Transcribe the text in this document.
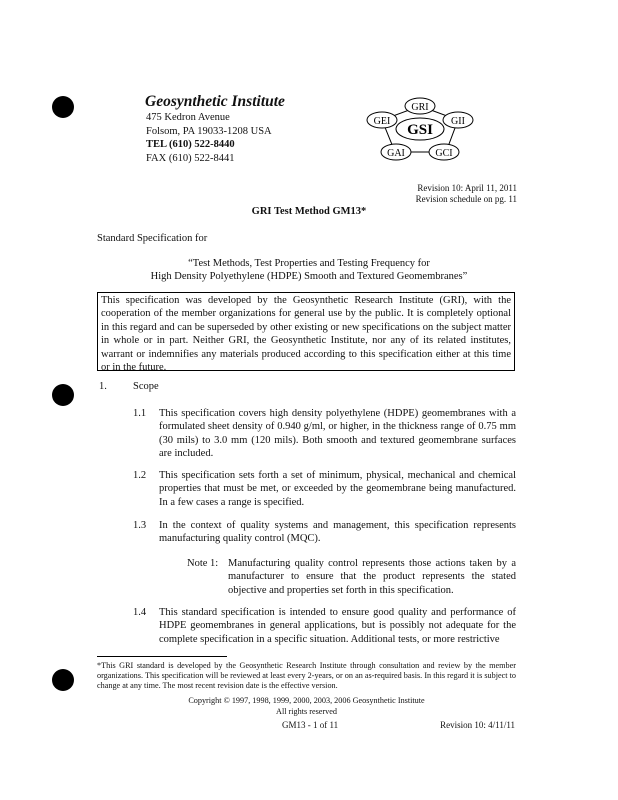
Geosynthetic Institute
475 Kedron Avenue
Folsom, PA 19033-1208 USA
TEL (610) 522-8440
FAX (610) 522-8441
GSI
GRI
GEI	GII
GAI	GCI
Revision 10: April 11, 2011
Revision schedule on pg. 11
GRI Test Method GM13*
Standard Specification for
“Test Methods, Test Properties and Testing Frequency for
High Density Polyethylene (HDPE) Smooth and Textured Geomembranes”
This specification was developed by the Geosynthetic Research Institute (GRI), with the cooperation of the member organizations for general use by the public. It is completely optional in this regard and can be superseded by other existing or new specifications on the subject matter in whole or in part. Neither GRI, the Geosynthetic Institute, nor any of its related institutes, warrant or indemnifies any materials produced according to this specification either at this time or in the future.
1. Scope
1.1 This specification covers high density polyethylene (HDPE) geomembranes with a formulated sheet density of 0.940 g/ml, or higher, in the thickness range of 0.75 mm (30 mils) to 3.0 mm (120 mils). Both smooth and textured geomembrane surfaces are included.
1.2 This specification sets forth a set of minimum, physical, mechanical and chemical properties that must be met, or exceeded by the geomembrane being manufactured. In a few cases a range is specified.
1.3 In the context of quality systems and management, this specification represents manufacturing quality control (MQC).
Note 1: Manufacturing quality control represents those actions taken by a manufacturer to ensure that the product represents the stated objective and properties set forth in this specification.
1.4 This standard specification is intended to ensure good quality and performance of HDPE geomembranes in general applications, but is possibly not adequate for the complete specification in a specific situation. Additional tests, or more restrictive
*This GRI standard is developed by the Geosynthetic Research Institute through consultation and review by the member organizations. This specification will be reviewed at least every 2-years, or on an as-required basis. In this regard it is subject to change at any time. The most recent revision date is the effective version.
Copyright © 1997, 1998, 1999, 2000, 2003, 2006 Geosynthetic Institute
All rights reserved
GM13 - 1 of 11	Revision 10: 4/11/11
